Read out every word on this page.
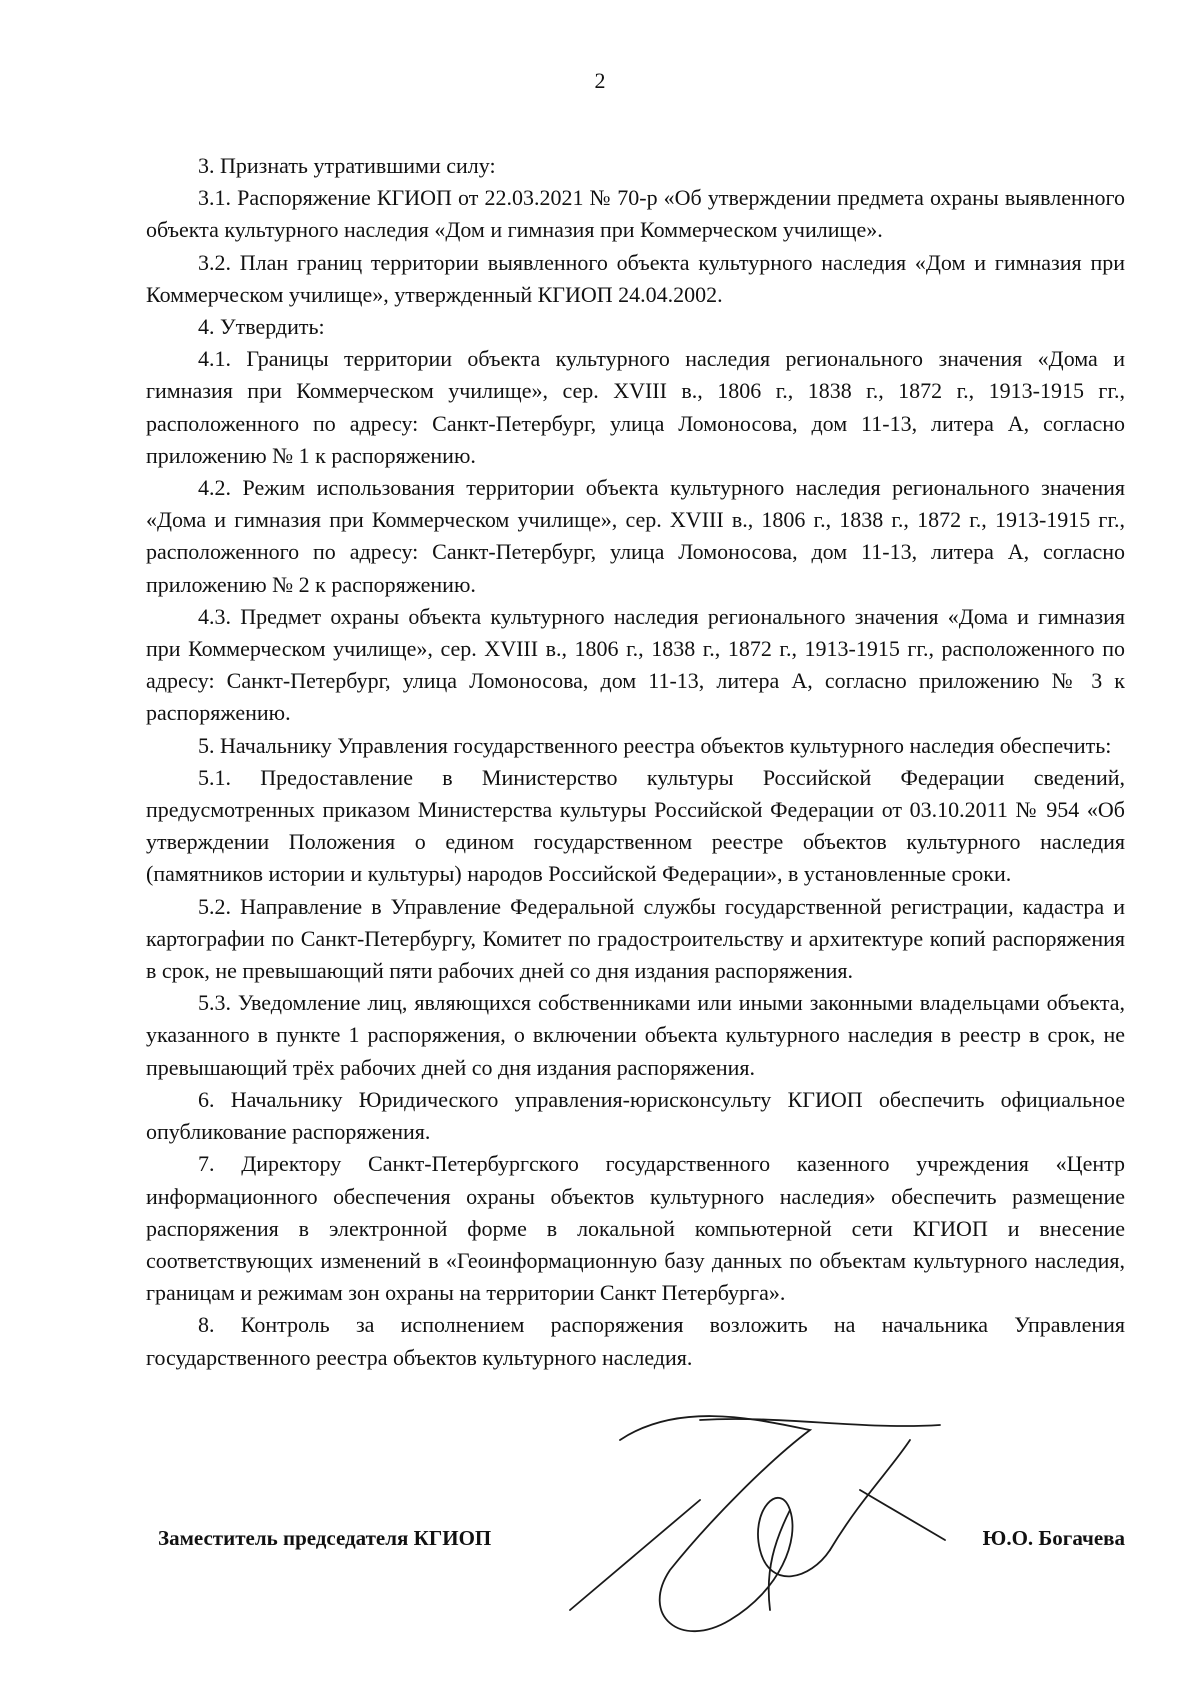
2

3. Признать утратившими силу:

3.1. Распоряжение КГИОП от 22.03.2021 № 70-р «Об утверждении предмета охраны выявленного объекта культурного наследия «Дом и гимназия при Коммерческом училище».

3.2. План границ территории выявленного объекта культурного наследия «Дом и гимназия при Коммерческом училище», утвержденный КГИОП 24.04.2002.

4. Утвердить:

4.1. Границы территории объекта культурного наследия регионального значения «Дома и гимназия при Коммерческом училище», сер. XVIII в., 1806 г., 1838 г., 1872 г., 1913-1915 гг., расположенного по адресу: Санкт-Петербург, улица Ломоносова, дом 11-13, литера А, согласно приложению № 1 к распоряжению.

4.2. Режим использования территории объекта культурного наследия регионального значения «Дома и гимназия при Коммерческом училище», сер. XVIII в., 1806 г., 1838 г., 1872 г., 1913-1915 гг., расположенного по адресу: Санкт-Петербург, улица Ломоносова, дом 11-13, литера А, согласно приложению № 2 к распоряжению.

4.3. Предмет охраны объекта культурного наследия регионального значения «Дома и гимназия при Коммерческом училище», сер. XVIII в., 1806 г., 1838 г., 1872 г., 1913-1915 гг., расположенного по адресу: Санкт-Петербург, улица Ломоносова, дом 11-13, литера А, согласно приложению № 3 к распоряжению.

5. Начальнику Управления государственного реестра объектов культурного наследия обеспечить:

5.1. Предоставление в Министерство культуры Российской Федерации сведений, предусмотренных приказом Министерства культуры Российской Федерации от 03.10.2011 № 954 «Об утверждении Положения о едином государственном реестре объектов культурного наследия (памятников истории и культуры) народов Российской Федерации», в установленные сроки.

5.2. Направление в Управление Федеральной службы государственной регистрации, кадастра и картографии по Санкт-Петербургу, Комитет по градостроительству и архитектуре копий распоряжения в срок, не превышающий пяти рабочих дней со дня издания распоряжения.

5.3. Уведомление лиц, являющихся собственниками или иными законными владельцами объекта, указанного в пункте 1 распоряжения, о включении объекта культурного наследия в реестр в срок, не превышающий трёх рабочих дней со дня издания распоряжения.

6. Начальнику Юридического управления-юрисконсульту КГИОП обеспечить официальное опубликование распоряжения.

7. Директору Санкт-Петербургского государственного казенного учреждения «Центр информационного обеспечения охраны объектов культурного наследия» обеспечить размещение распоряжения в электронной форме в локальной компьютерной сети КГИОП и внесение соответствующих изменений в «Геоинформационную базу данных по объектам культурного наследия, границам и режимам зон охраны на территории Санкт Петербурга».

8. Контроль за исполнением распоряжения возложить на начальника Управления государственного реестра объектов культурного наследия.

Заместитель председателя КГИОП	Ю.О. Богачева
